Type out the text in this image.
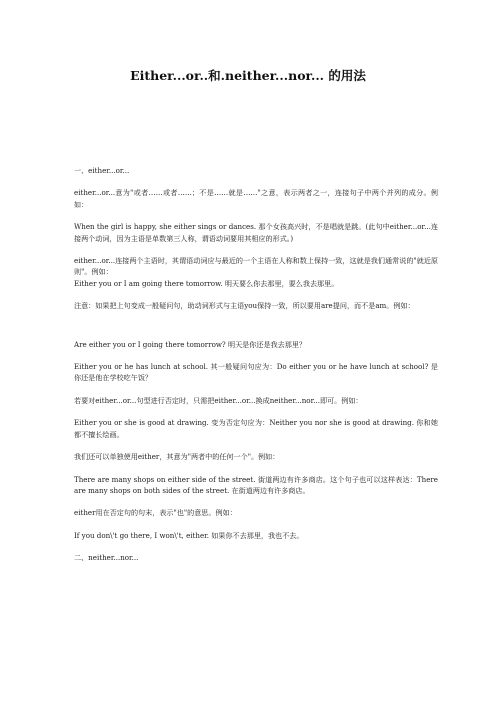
Either...or..和.neither...nor... 的用法

一、either...or...

either...or...意为"或者……或者……；不是……就是……"之意，表示两者之一，连接句子中两个并列的成分。例如：

When the girl is happy, she either sings or dances. 那个女孩高兴时，不是唱就是跳。(此句中either...or...连接两个动词，因为主语是单数第三人称，谓语动词要用其相应的形式。)

either...or...连接两个主语时，其谓语动词应与最近的一个主语在人称和数上保持一致，这就是我们通常说的"就近原则"。例如：

Either you or I am going there tomorrow. 明天要么你去那里，要么我去那里。

注意：如果把上句变成一般疑问句，助动词形式与主语you保持一致，所以要用are提问，而不是am。例如：

Are either you or I going there tomorrow? 明天是你还是我去那里？

Either you or he has lunch at school. 其一般疑问句应为：Do either you or he have lunch at school? 是你还是他在学校吃午饭？

若要对either...or...句型进行否定时，只需把either...or...换成neither...nor...即可。例如：

Either you or she is good at drawing. 变为否定句应为：Neither you nor she is good at drawing. 你和她都不擅长绘画。

我们还可以单独使用either，其意为"两者中的任何一个"。例如：

There are many shops on either side of the street. 街道两边有许多商店。这个句子也可以这样表达：There are many shops on both sides of the street. 在街道两边有许多商店。

either用在否定句的句末，表示"也"的意思。例如：

If you don\'t go there, I won\'t, either. 如果你不去那里，我也不去。

二、neither...nor...
